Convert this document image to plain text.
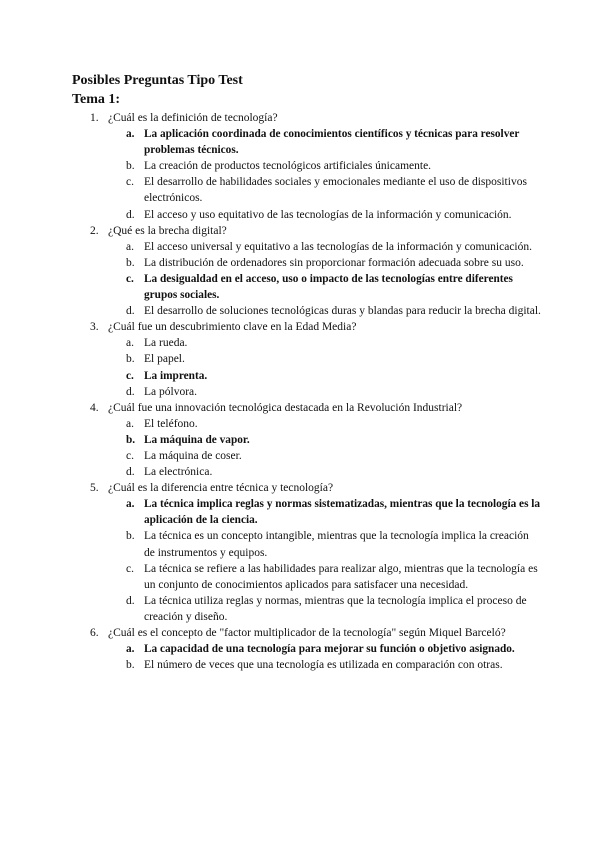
Posibles Preguntas Tipo Test
Tema 1:
1. ¿Cuál es la definición de tecnología?
a. La aplicación coordinada de conocimientos científicos y técnicas para resolver problemas técnicos.
b. La creación de productos tecnológicos artificiales únicamente.
c. El desarrollo de habilidades sociales y emocionales mediante el uso de dispositivos electrónicos.
d. El acceso y uso equitativo de las tecnologías de la información y comunicación.
2. ¿Qué es la brecha digital?
a. El acceso universal y equitativo a las tecnologías de la información y comunicación.
b. La distribución de ordenadores sin proporcionar formación adecuada sobre su uso.
c. La desigualdad en el acceso, uso o impacto de las tecnologías entre diferentes grupos sociales.
d. El desarrollo de soluciones tecnológicas duras y blandas para reducir la brecha digital.
3. ¿Cuál fue un descubrimiento clave en la Edad Media?
a. La rueda.
b. El papel.
c. La imprenta.
d. La pólvora.
4. ¿Cuál fue una innovación tecnológica destacada en la Revolución Industrial?
a. El teléfono.
b. La máquina de vapor.
c. La máquina de coser.
d. La electrónica.
5. ¿Cuál es la diferencia entre técnica y tecnología?
a. La técnica implica reglas y normas sistematizadas, mientras que la tecnología es la aplicación de la ciencia.
b. La técnica es un concepto intangible, mientras que la tecnología implica la creación de instrumentos y equipos.
c. La técnica se refiere a las habilidades para realizar algo, mientras que la tecnología es un conjunto de conocimientos aplicados para satisfacer una necesidad.
d. La técnica utiliza reglas y normas, mientras que la tecnología implica el proceso de creación y diseño.
6. ¿Cuál es el concepto de "factor multiplicador de la tecnología" según Miquel Barceló?
a. La capacidad de una tecnología para mejorar su función o objetivo asignado.
b. El número de veces que una tecnología es utilizada en comparación con otras.
